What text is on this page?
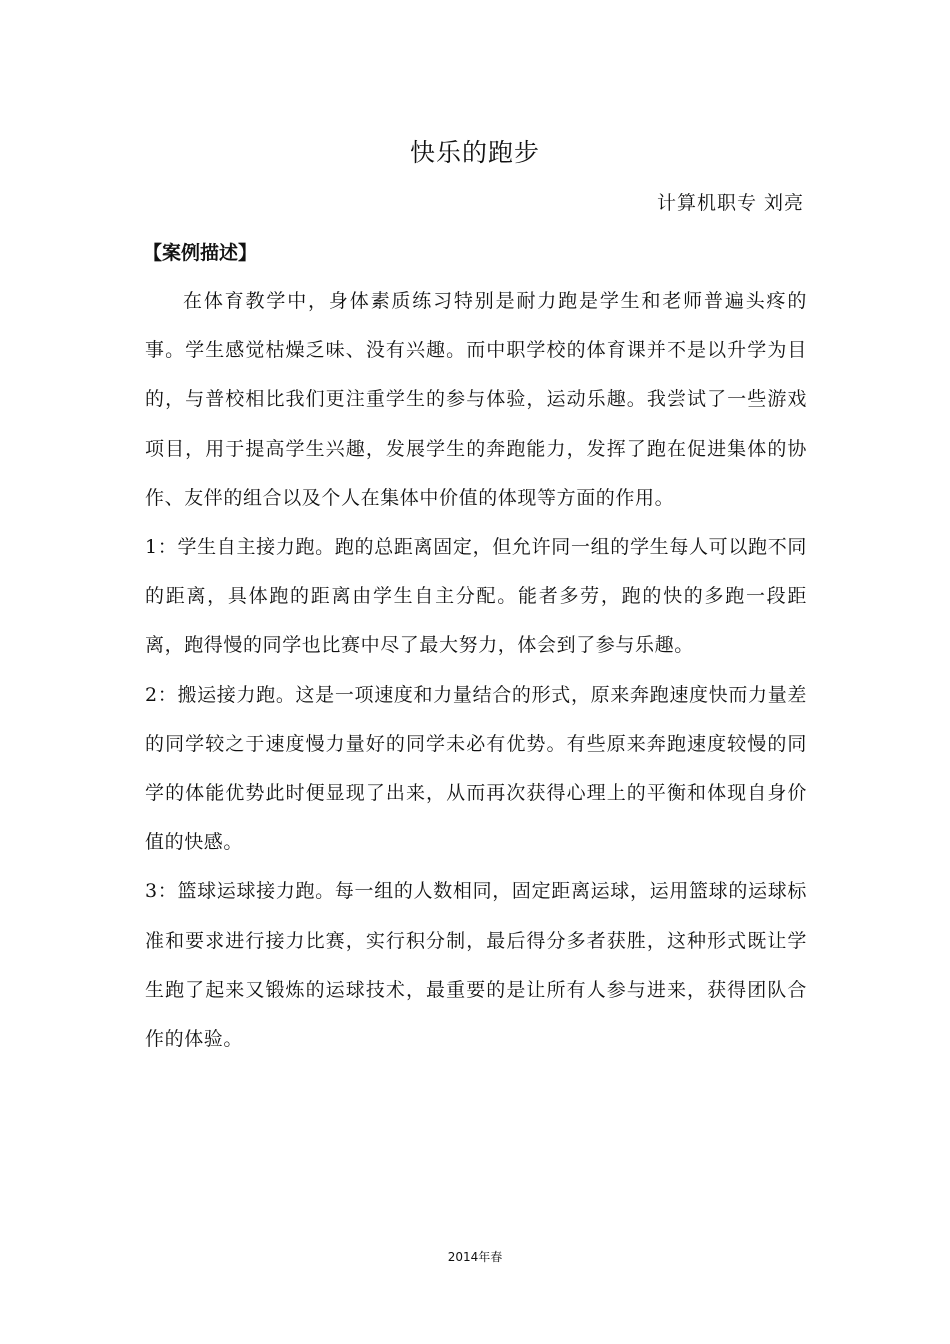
快乐的跑步
计算机职专 刘亮
【案例描述】

在体育教学中，身体素质练习特别是耐力跑是学生和老师普遍头疼的事。学生感觉枯燥乏味、没有兴趣。而中职学校的体育课并不是以升学为目的，与普校相比我们更注重学生的参与体验，运动乐趣。我尝试了一些游戏项目，用于提高学生兴趣，发展学生的奔跑能力，发挥了跑在促进集体的协作、友伴的组合以及个人在集体中价值的体现等方面的作用。

1：学生自主接力跑。跑的总距离固定，但允许同一组的学生每人可以跑不同的距离，具体跑的距离由学生自主分配。能者多劳，跑的快的多跑一段距离，跑得慢的同学也比赛中尽了最大努力，体会到了参与乐趣。

2：搬运接力跑。这是一项速度和力量结合的形式，原来奔跑速度快而力量差的同学较之于速度慢力量好的同学未必有优势。有些原来奔跑速度较慢的同学的体能优势此时便显现了出来，从而再次获得心理上的平衡和体现自身价值的快感。

3：篮球运球接力跑。每一组的人数相同，固定距离运球，运用篮球的运球标准和要求进行接力比赛，实行积分制，最后得分多者获胜，这种形式既让学生跑了起来又锻炼的运球技术，最重要的是让所有人参与进来，获得团队合作的体验。

2014年春
